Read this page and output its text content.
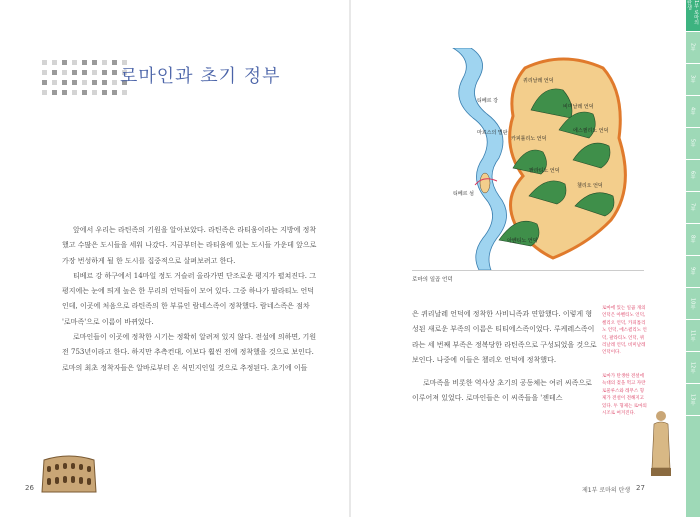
로마인과 초기 정부

앞에서 우리는 라틴족의 기원을 알아보았다. 라틴족은 라티움이라는 지방에 정착했고 수많은 도시들을 세워 나갔다. 지금부터는 라티움에 있는 도시들 가운데 앞으로 가장 번성하게 될 한 도시를 집중적으로 살펴보려고 한다.

티베르 강 하구에서 14마일 정도 거슬러 올라가면 단조로운 평지가 펼쳐진다. 그 평지에는 눈에 띄게 높은 한 무리의 언덕들이 모여 있다. 그중 하나가 팔라티노 언덕인데, 이곳에 처음으로 라틴족의 한 부류인 람네스족이 정착했다. 람네스족은 점차 '로마족'으로 이름이 바뀌었다.

로마인들이 이곳에 정착한 시기는 정확히 알려져 있지 않다. 전설에 의하면, 기원전 753년이라고 한다. 하지만 추측컨대, 이보다 훨씬 전에 정착했을 것으로 보인다. 로마의 최초 정착자들은 알바로부터 온 식민지인일 것으로 추정된다. 초기에 이들

26
티베르 강
마르스의 벌판
티베르 섬
퀴리날레 언덕
비미날레 언덕
카피톨리노 언덕
에스퀼리노 언덕
팔라티노 언덕
첼리오 언덕
아벤티노 언덕
로마의 일곱 언덕

은 퀴리날레 언덕에 정착한 사비니족과 연합했다. 이렇게 형성된 새로운 부족의 이름은 티티에스족이었다. 루케레스족이라는 세 번째 부족은 정복당한 라틴족으로 구성되었을 것으로 보인다. 나중에 이들은 첼리오 언덕에 정착했다.

로마족을 비롯한 역사상 초기의 공동체는 여러 씨족으로 이루어져 있었다. 로마인들은 이 씨족들을 '젠테스

로마에 있는 일곱 개의 언덕은 아벤티노 언덕, 첼리오 언덕, 카피톨리노 언덕, 에스퀼리노 언덕, 팔라티노 언덕, 퀴리날레 언덕, 비미날레 언덕이다.
로마가 탄생한 전설에 늑대의 젖을 먹고 자란 로물루스와 레무스 형제가 전설이 전해지고 있다. 두 형제는 로마의 시조로 여겨진다.
제1부 로마의 탄생 27
1부 로마의 탄생
2부
3부
4부
5부
6부
7부
8부
9부
10부
11부
12부
13부
